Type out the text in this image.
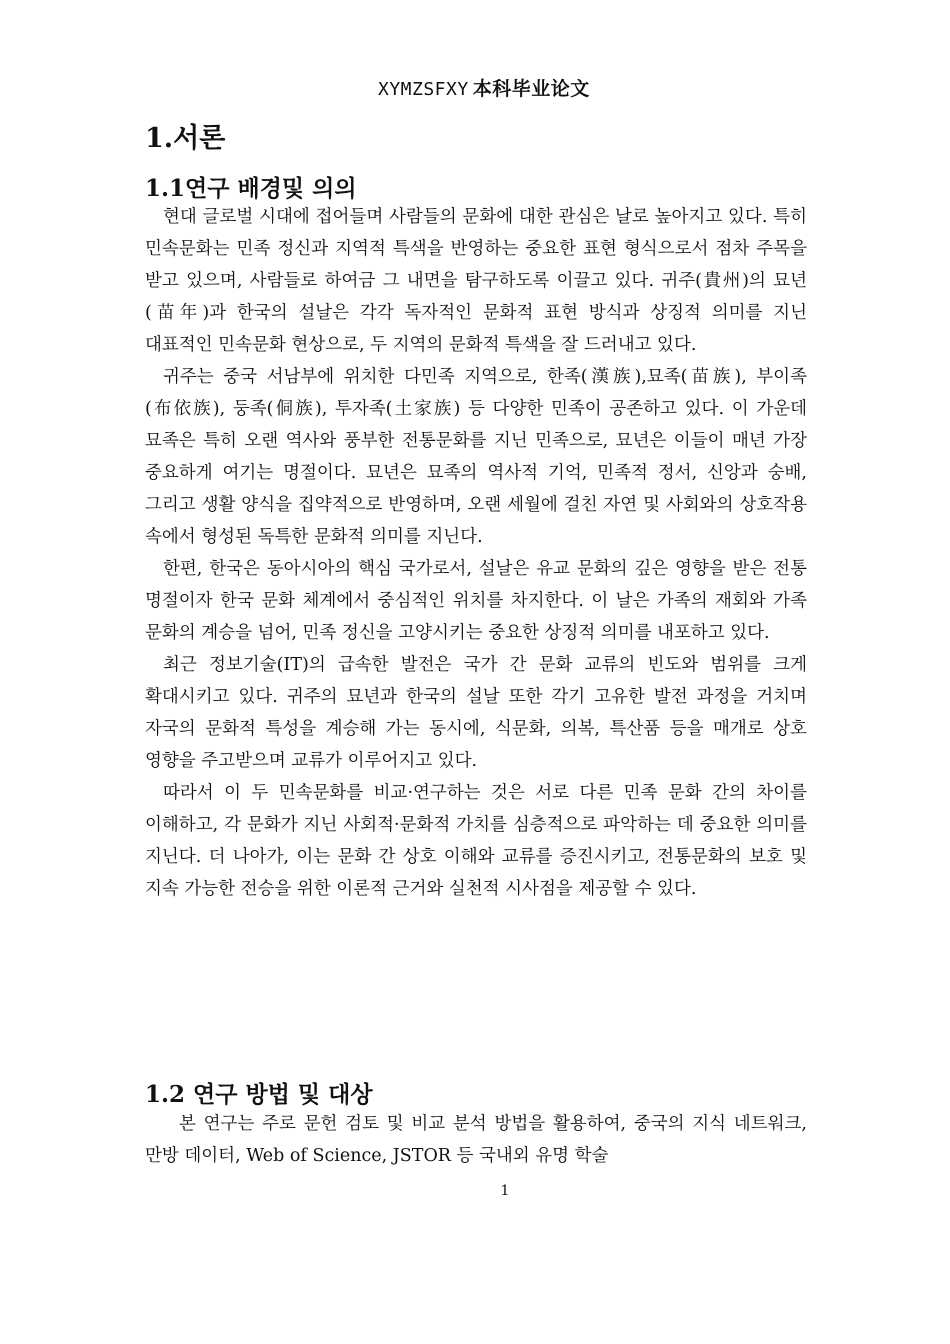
XYMZSFXY 本科毕业论文
1.서론
1.1연구 배경및 의의

현대 글로벌 시대에 접어들며 사람들의 문화에 대한 관심은 날로 높아지고 있다. 특히 민속문화는 민족 정신과 지역적 특색을 반영하는 중요한 표현 형식으로서 점차 주목을 받고 있으며, 사람들로 하여금 그 내면을 탐구하도록 이끌고 있다. 귀주(貴州)의 묘년(苗年)과 한국의 설날은 각각 독자적인 문화적 표현 방식과 상징적 의미를 지닌 대표적인 민속문화 현상으로, 두 지역의 문화적 특색을 잘 드러내고 있다.

귀주는 중국 서남부에 위치한 다민족 지역으로, 한족(漢族),묘족(苗族), 부이족(布依族), 둥족(侗族), 투자족(土家族) 등 다양한 민족이 공존하고 있다. 이 가운데 묘족은 특히 오랜 역사와 풍부한 전통문화를 지닌 민족으로, 묘년은 이들이 매년 가장 중요하게 여기는 명절이다. 묘년은 묘족의 역사적 기억, 민족적 정서, 신앙과 숭배, 그리고 생활 양식을 집약적으로 반영하며, 오랜 세월에 걸친 자연 및 사회와의 상호작용 속에서 형성된 독특한 문화적 의미를 지닌다.

한편, 한국은 동아시아의 핵심 국가로서, 설날은 유교 문화의 깊은 영향을 받은 전통 명절이자 한국 문화 체계에서 중심적인 위치를 차지한다. 이 날은 가족의 재회와 가족 문화의 계승을 넘어, 민족 정신을 고양시키는 중요한 상징적 의미를 내포하고 있다.

최근 정보기술(IT)의 급속한 발전은 국가 간 문화 교류의 빈도와 범위를 크게 확대시키고 있다. 귀주의 묘년과 한국의 설날 또한 각기 고유한 발전 과정을 거치며 자국의 문화적 특성을 계승해 가는 동시에, 식문화, 의복, 특산품 등을 매개로 상호 영향을 주고받으며 교류가 이루어지고 있다.

따라서 이 두 민속문화를 비교·연구하는 것은 서로 다른 민족 문화 간의 차이를 이해하고, 각 문화가 지닌 사회적·문화적 가치를 심층적으로 파악하는 데 중요한 의미를 지닌다. 더 나아가, 이는 문화 간 상호 이해와 교류를 증진시키고, 전통문화의 보호 및 지속 가능한 전승을 위한 이론적 근거와 실천적 시사점을 제공할 수 있다.

1.2 연구 방법 및 대상

본 연구는 주로 문헌 검토 및 비교 분석 방법을 활용하여, 중국의 지식 네트워크, 만방 데이터, Web of Science, JSTOR 등 국내외 유명 학술

1
